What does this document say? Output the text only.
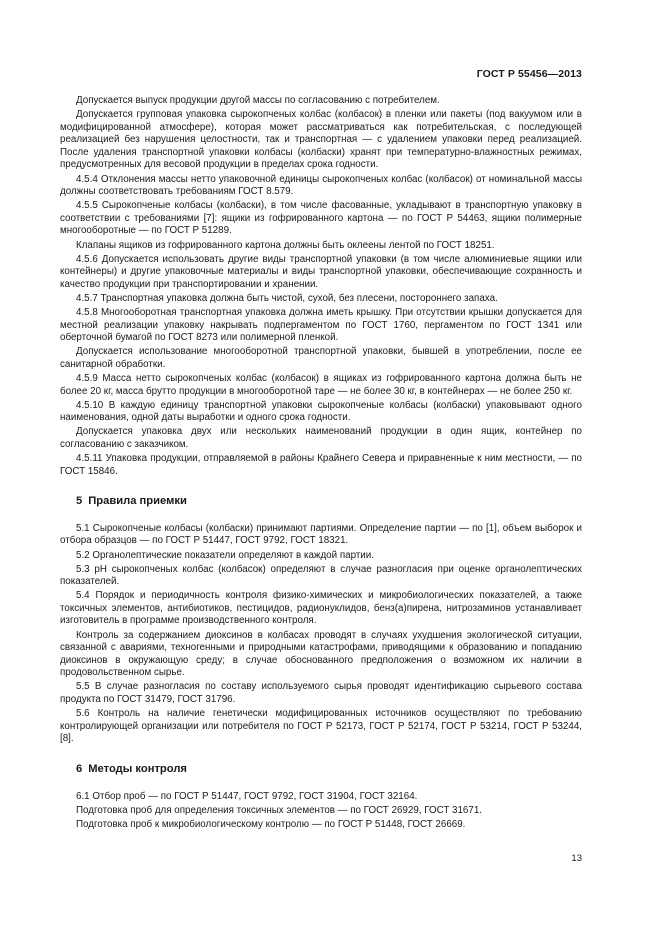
ГОСТ Р 55456—2013

Допускается выпуск продукции другой массы по согласованию с потребителем.

Допускается групповая упаковка сырокопченых колбас (колбасок) в пленки или пакеты (под вакуумом или в модифицированной атмосфере), которая может рассматриваться как потребительская, с последующей реализацией без нарушения целостности, так и транспортная — с удалением упаковки перед реализацией. После удаления транспортной упаковки колбасы (колбаски) хранят при температурно-влажностных режимах, предусмотренных для весовой продукции в пределах срока годности.

4.5.4 Отклонения массы нетто упаковочной единицы сырокопченых колбас (колбасок) от номинальной массы должны соответствовать требованиям ГОСТ 8.579.

4.5.5 Сырокопченые колбасы (колбаски), в том числе фасованные, укладывают в транспортную упаковку в соответствии с требованиями [7]: ящики из гофрированного картона — по ГОСТ Р 54463, ящики полимерные многооборотные — по ГОСТ Р 51289.

Клапаны ящиков из гофрированного картона должны быть оклеены лентой по ГОСТ 18251.

4.5.6 Допускается использовать другие виды транспортной упаковки (в том числе алюминиевые ящики или контейнеры) и другие упаковочные материалы и виды транспортной упаковки, обеспечивающие сохранность и качество продукции при транспортировании и хранении.

4.5.7 Транспортная упаковка должна быть чистой, сухой, без плесени, постороннего запаха.

4.5.8 Многооборотная транспортная упаковка должна иметь крышку. При отсутствии крышки допускается для местной реализации упаковку накрывать подпергаментом по ГОСТ 1760, пергаментом по ГОСТ 1341 или оберточной бумагой по ГОСТ 8273 или полимерной пленкой.

Допускается использование многооборотной транспортной упаковки, бывшей в употреблении, после ее санитарной обработки.

4.5.9 Масса нетто сырокопченых колбас (колбасок) в ящиках из гофрированного картона должна быть не более 20 кг, масса брутто продукции в многооборотной таре — не более 30 кг, в контейнерах — не более 250 кг.

4.5.10 В каждую единицу транспортной упаковки сырокопченые колбасы (колбаски) упаковывают одного наименования, одной даты выработки и одного срока годности.

Допускается упаковка двух или нескольких наименований продукции в один ящик, контейнер по согласованию с заказчиком.

4.5.11 Упаковка продукции, отправляемой в районы Крайнего Севера и приравненные к ним местности, — по ГОСТ 15846.

5 Правила приемки

5.1 Сырокопченые колбасы (колбаски) принимают партиями. Определение партии — по [1], объем выборок и отбора образцов — по ГОСТ Р 51447, ГОСТ 9792, ГОСТ 18321.

5.2 Органолептические показатели определяют в каждой партии.

5.3 pH сырокопченых колбас (колбасок) определяют в случае разногласия при оценке органолептических показателей.

5.4 Порядок и периодичность контроля физико-химических и микробиологических показателей, а также токсичных элементов, антибиотиков, пестицидов, радионуклидов, бенз(а)пирена, нитрозаминов устанавливает изготовитель в программе производственного контроля.

Контроль за содержанием диоксинов в колбасах проводят в случаях ухудшения экологической ситуации, связанной с авариями, техногенными и природными катастрофами, приводящими к образованию и попаданию диоксинов в окружающую среду; в случае обоснованного предположения о возможном их наличии в продовольственном сырье.

5.5 В случае разногласия по составу используемого сырья проводят идентификацию сырьевого состава продукта по ГОСТ 31479, ГОСТ 31796.

5.6 Контроль на наличие генетически модифицированных источников осуществляют по требованию контролирующей организации или потребителя по ГОСТ Р 52173, ГОСТ Р 52174, ГОСТ Р 53214, ГОСТ Р 53244, [8].

6 Методы контроля

6.1 Отбор проб — по ГОСТ Р 51447, ГОСТ 9792, ГОСТ 31904, ГОСТ 32164.

Подготовка проб для определения токсичных элементов — по ГОСТ 26929, ГОСТ 31671.

Подготовка проб к микробиологическому контролю — по ГОСТ Р 51448, ГОСТ 26669.

13
